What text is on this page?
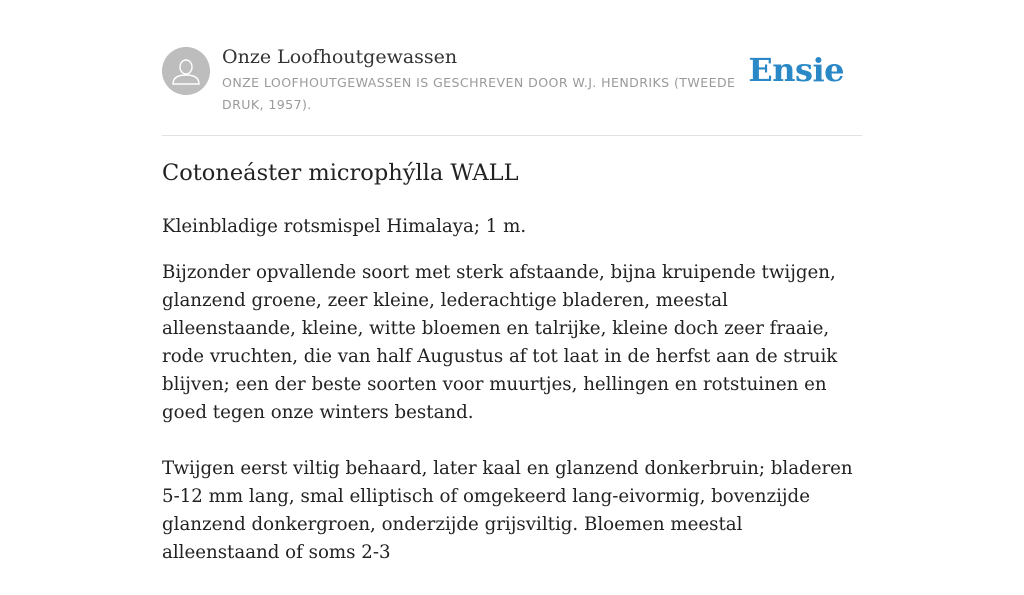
Onze Loofhoutgewassen
ONZE LOOFHOUTGEWASSEN IS GESCHREVEN DOOR W.J. HENDRIKS (TWEEDE DRUK, 1957).
Ensie
Cotoneáster microphýlla WALL

Kleinbladige rotsmispel Himalaya; 1 m.

Bijzonder opvallende soort met sterk afstaande, bijna kruipende twijgen, glanzend groene, zeer kleine, lederachtige bladeren, meestal alleenstaande, kleine, witte bloemen en talrijke, kleine doch zeer fraaie, rode vruchten, die van half Augustus af tot laat in de herfst aan de struik blijven; een der beste soorten voor muurtjes, hellingen en rotstuinen en goed tegen onze winters bestand.

Twijgen eerst viltig behaard, later kaal en glanzend donkerbruin; bladeren 5-12 mm lang, smal elliptisch of omgekeerd lang-eivormig, bovenzijde glanzend donkergroen, onderzijde grijsviltig. Bloemen meestal alleenstaand of soms 2-3
